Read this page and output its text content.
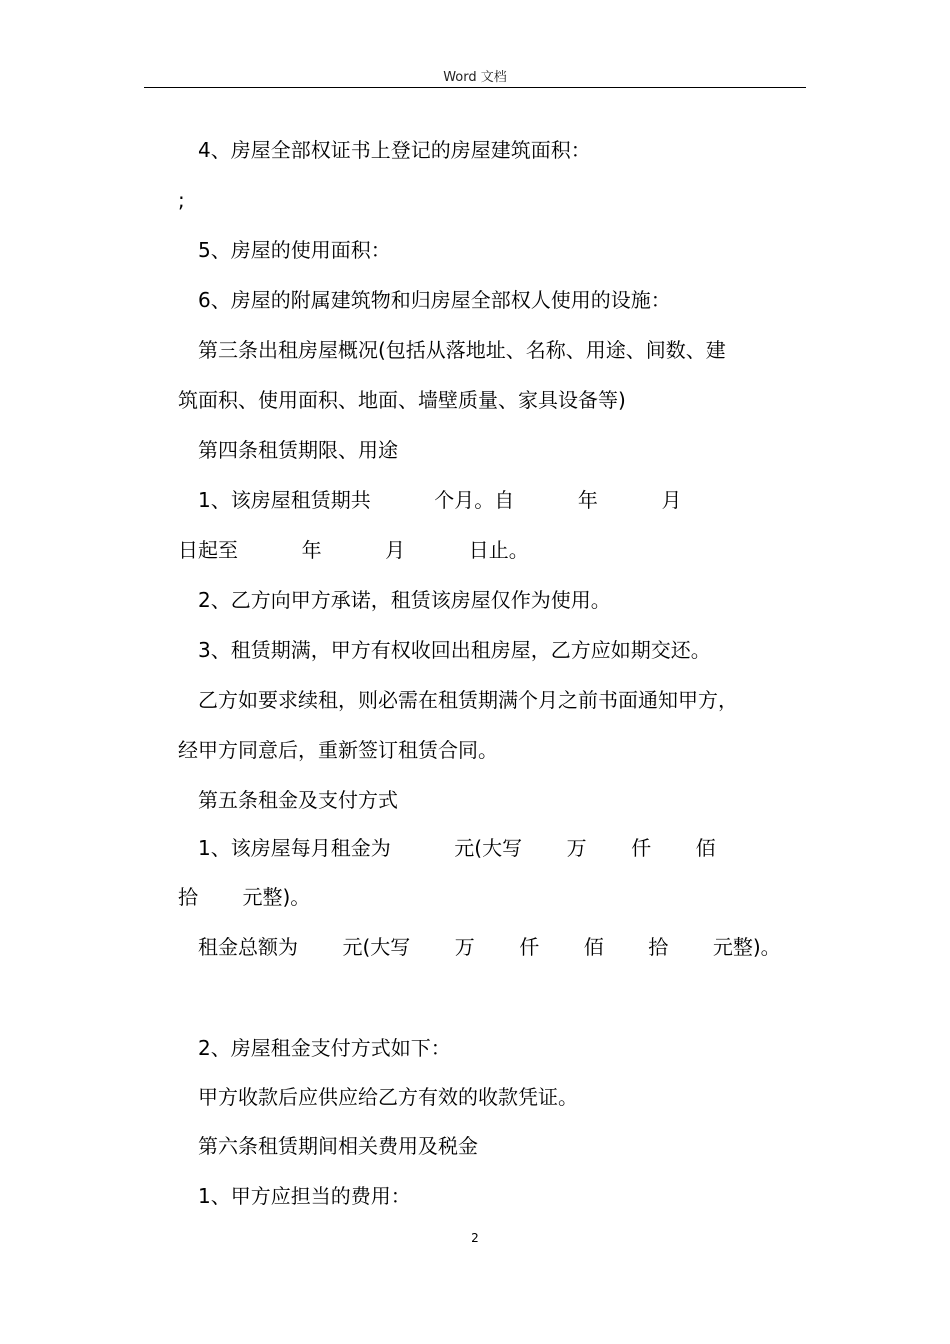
Word 文档
4、房屋全部权证书上登记的房屋建筑面积：
;
5、房屋的使用面积：
6、房屋的附属建筑物和归房屋全部权人使用的设施：
第三条出租房屋概况(包括从落地址、名称、用途、间数、建
筑面积、使用面积、地面、墙壁质量、家具设备等)
第四条租赁期限、用途
1、该房屋租赁期共          个月。自          年          月
日起至          年          月          日止。
2、乙方向甲方承诺，租赁该房屋仅作为使用。
3、租赁期满，甲方有权收回出租房屋，乙方应如期交还。
乙方如要求续租，则必需在租赁期满个月之前书面通知甲方，
经甲方同意后，重新签订租赁合同。
第五条租金及支付方式
1、该房屋每月租金为          元(大写       万       仟       佰
拾       元整)。
租金总额为       元(大写       万       仟       佰       拾       元整)。
2、房屋租金支付方式如下：
甲方收款后应供应给乙方有效的收款凭证。
第六条租赁期间相关费用及税金
1、甲方应担当的费用：
2
